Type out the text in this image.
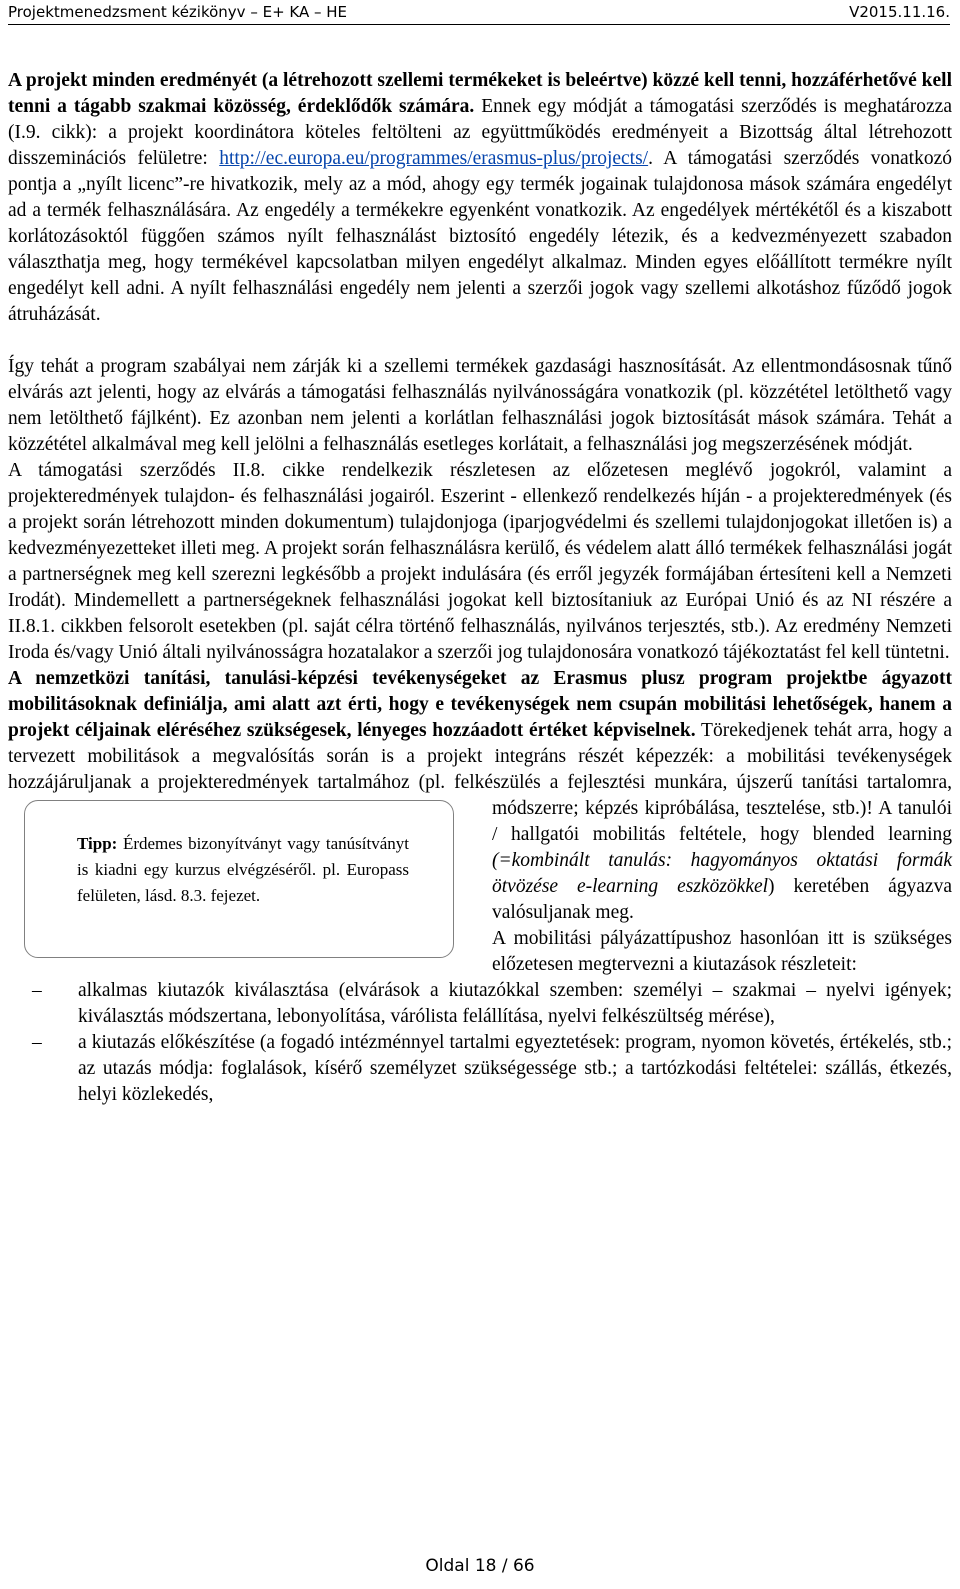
Projektmenedzsment kézikönyv – E+ KA – HE	V2015.11.16.

A projekt minden eredményét (a létrehozott szellemi termékeket is beleértve) közzé kell tenni, hozzáférhetővé kell tenni a tágabb szakmai közösség, érdeklődők számára. Ennek egy módját a támogatási szerződés is meghatározza (I.9. cikk): a projekt koordinátora köteles feltölteni az együttműködés eredményeit a Bizottság által létrehozott disszeminációs felületre: http://ec.europa.eu/programmes/erasmus-plus/projects/. A támogatási szerződés vonatkozó pontja a „nyílt licenc”-re hivatkozik, mely az a mód, ahogy egy termék jogainak tulajdonosa mások számára engedélyt ad a termék felhasználására. Az engedély a termékekre egyenként vonatkozik. Az engedélyek mértékétől és a kiszabott korlátozásoktól függően számos nyílt felhasználást biztosító engedély létezik, és a kedvezményezett szabadon választhatja meg, hogy termékével kapcsolatban milyen engedélyt alkalmaz. Minden egyes előállított termékre nyílt engedélyt kell adni. A nyílt felhasználási engedély nem jelenti a szerzői jogok vagy szellemi alkotáshoz fűződő jogok átruházását.

Így tehát a program szabályai nem zárják ki a szellemi termékek gazdasági hasznosítását. Az ellentmondásosnak tűnő elvárás azt jelenti, hogy az elvárás a támogatási felhasználás nyilvánosságára vonatkozik (pl. közzététel letölthető vagy nem letölthető fájlként). Ez azonban nem jelenti a korlátlan felhasználási jogok biztosítását mások számára. Tehát a közzététel alkalmával meg kell jelölni a felhasználás esetleges korlátait, a felhasználási jog megszerzésének módját.

A támogatási szerződés II.8. cikke rendelkezik részletesen az előzetesen meglévő jogokról, valamint a projekteredmények tulajdon- és felhasználási jogairól. Eszerint - ellenkező rendelkezés híján - a projekteredmények (és a projekt során létrehozott minden dokumentum) tulajdonjoga (iparjogvédelmi és szellemi tulajdonjogokat illetően is) a kedvezményezetteket illeti meg. A projekt során felhasználásra kerülő, és védelem alatt álló termékek felhasználási jogát a partnerségnek meg kell szerezni legkésőbb a projekt indulására (és erről jegyzék formájában értesíteni kell a Nemzeti Irodát). Mindemellett a partnerségeknek felhasználási jogokat kell biztosítaniuk az Európai Unió és az NI részére a II.8.1. cikkben felsorolt esetekben (pl. saját célra történő felhasználás, nyilvános terjesztés, stb.). Az eredmény Nemzeti Iroda és/vagy Unió általi nyilvánosságra hozatalakor a szerzői jog tulajdonosára vonatkozó tájékoztatást fel kell tüntetni.

A nemzetközi tanítási, tanulási-képzési tevékenységeket az Erasmus plusz program projektbe ágyazott mobilitásoknak definiálja, ami alatt azt érti, hogy e tevékenységek nem csupán mobilitási lehetőségek, hanem a projekt céljainak eléréséhez szükségesek, lényeges hozzáadott értéket képviselnek. Törekedjenek tehát arra, hogy a tervezett mobilitások a megvalósítás során is a projekt integráns részét képezzék: a mobilitási tevékenységek hozzájáruljanak a projekteredmények tartalmához (pl. felkészülés a
Tipp: Érdemes bizonyítványt vagy tanúsítványt is kiadni egy kurzus elvégzéséről. pl. Europass felületen, lásd. 8.3. fejezet.
fejlesztési munkára, újszerű tanítási tartalomra, módszerre; képzés kipróbálása, tesztelése, stb.)! A tanulói / hallgatói mobilitás feltétele, hogy blended learning (=kombinált tanulás: hagyományos oktatási formák ötvözése e-learning eszközökkel) keretében ágyazva valósuljanak meg.

A mobilitási pályázattípushoz hasonlóan itt is szükséges előzetesen megtervezni a kiutazások részleteit:

– alkalmas kiutazók kiválasztása (elvárások a kiutazókkal szemben: személyi – szakmai – nyelvi igények; kiválasztás módszertana, lebonyolítása, várólista felállítása, nyelvi felkészültség mérése),
– a kiutazás előkészítése (a fogadó intézménnyel tartalmi egyeztetések: program, nyomon követés, értékelés, stb.; az utazás módja: foglalások, kísérő személyzet szükségessége stb.; a tartózkodási feltételei: szállás, étkezés, helyi közlekedés,
Oldal 18 / 66
